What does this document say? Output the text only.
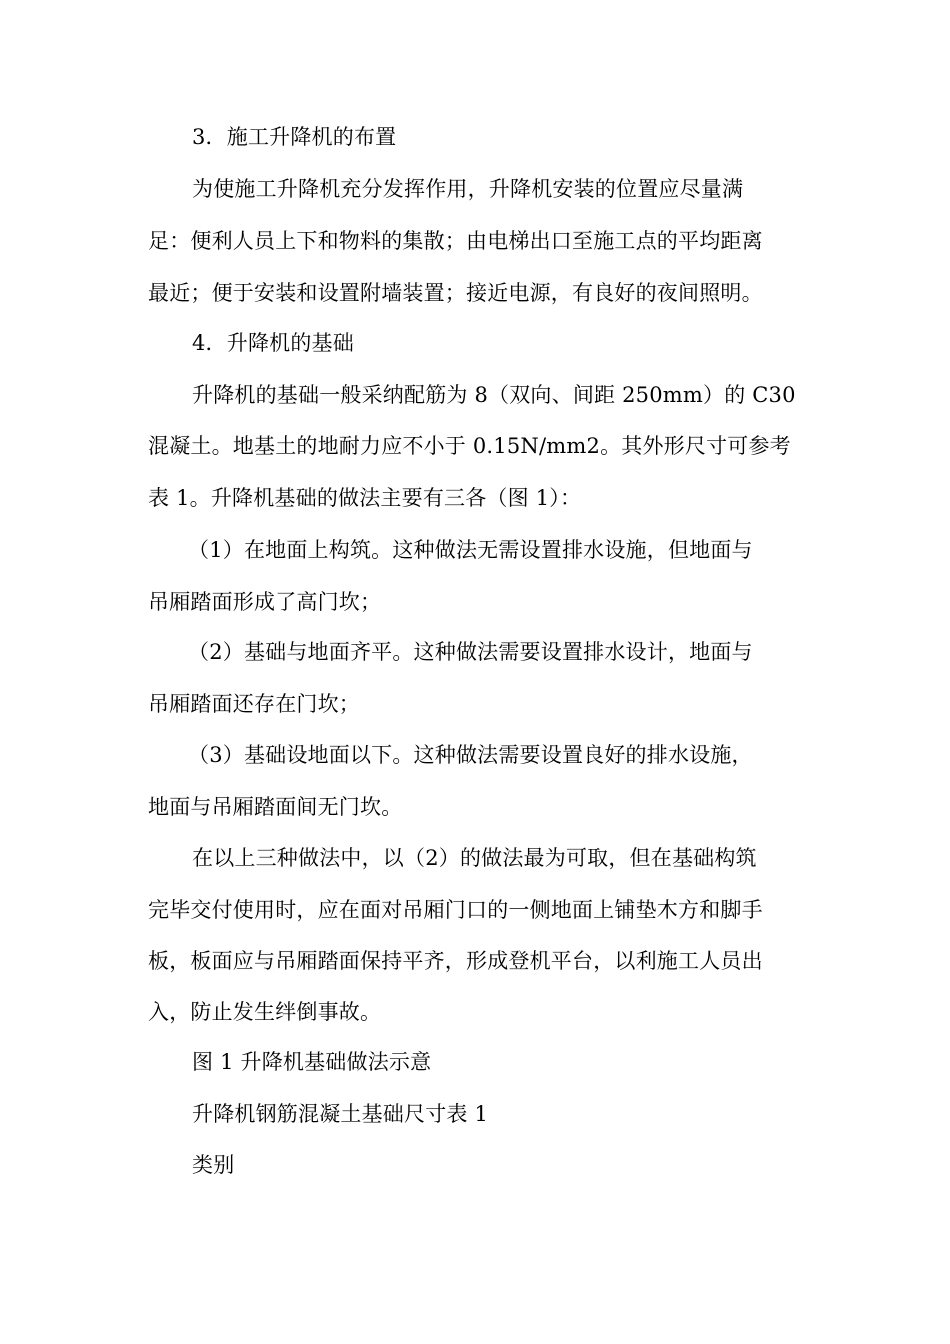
3．施工升降机的布置
为使施工升降机充分发挥作用，升降机安装的位置应尽量满
足：便利人员上下和物料的集散；由电梯出口至施工点的平均距离
最近；便于安装和设置附墙装置；接近电源，有良好的夜间照明。
4．升降机的基础
升降机的基础一般采纳配筋为 8（双向、间距 250mm）的 C30
混凝土。地基土的地耐力应不小于 0.15N/mm2。其外形尺寸可参考
表 1。升降机基础的做法主要有三各（图 1）：
（1）在地面上构筑。这种做法无需设置排水设施，但地面与
吊厢踏面形成了高门坎；
（2）基础与地面齐平。这种做法需要设置排水设计，地面与
吊厢踏面还存在门坎；
（3）基础设地面以下。这种做法需要设置良好的排水设施，
地面与吊厢踏面间无门坎。
在以上三种做法中，以（2）的做法最为可取，但在基础构筑
完毕交付使用时，应在面对吊厢门口的一侧地面上铺垫木方和脚手
板，板面应与吊厢踏面保持平齐，形成登机平台，以利施工人员出
入，防止发生绊倒事故。
图 1 升降机基础做法示意
升降机钢筋混凝土基础尺寸表 1
类别
